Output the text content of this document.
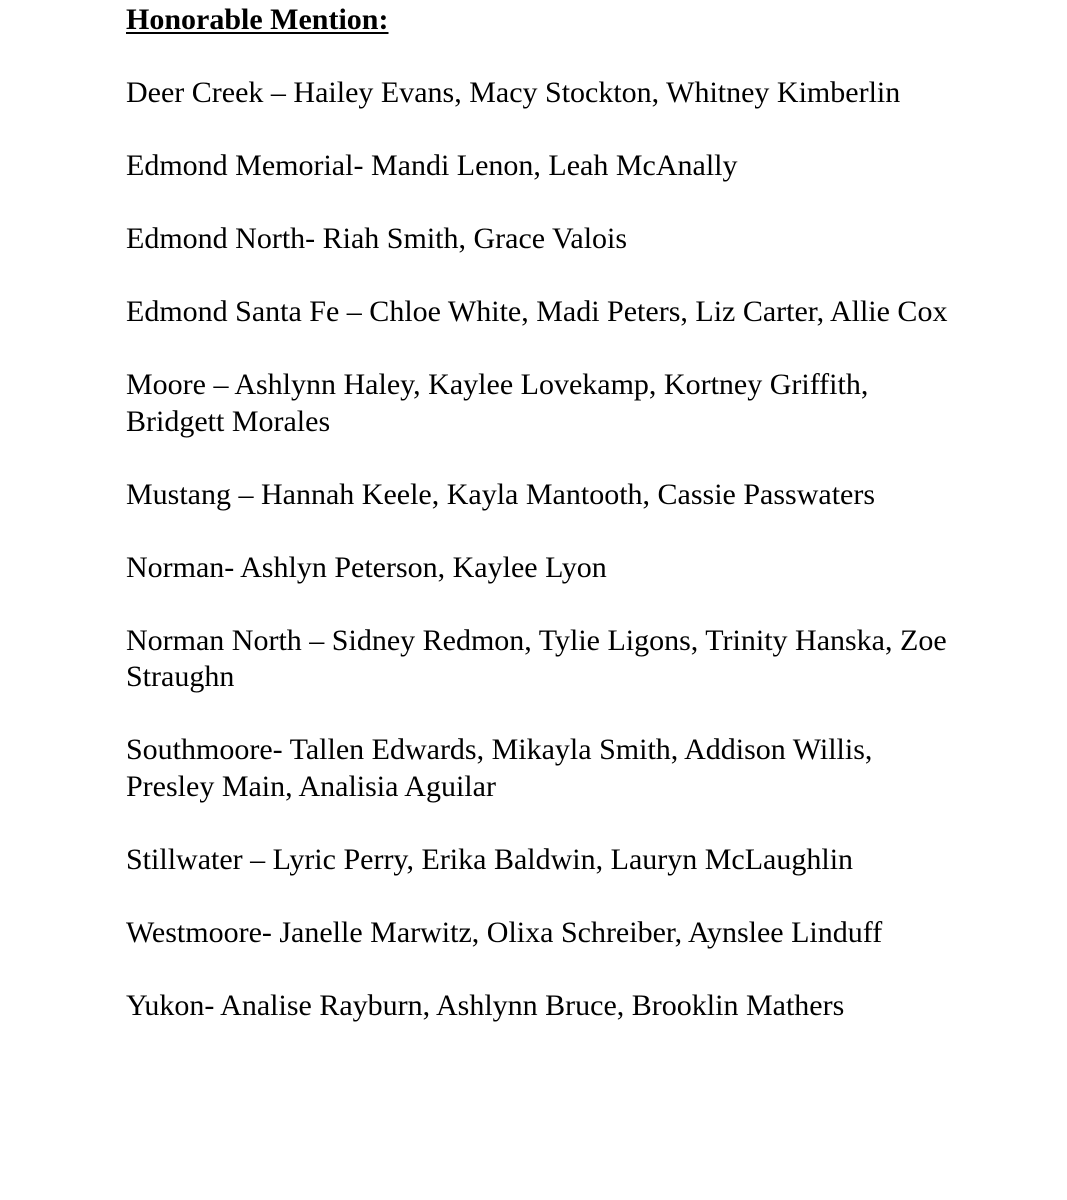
Honorable Mention:
Deer Creek – Hailey Evans, Macy Stockton, Whitney Kimberlin
Edmond Memorial- Mandi Lenon, Leah McAnally
Edmond North- Riah Smith, Grace Valois
Edmond Santa Fe – Chloe White, Madi Peters, Liz Carter, Allie Cox
Moore – Ashlynn Haley, Kaylee Lovekamp, Kortney Griffith, Bridgett Morales
Mustang – Hannah Keele, Kayla Mantooth, Cassie Passwaters
Norman- Ashlyn Peterson, Kaylee Lyon
Norman North – Sidney Redmon, Tylie Ligons, Trinity Hanska, Zoe Straughn
Southmoore- Tallen Edwards, Mikayla Smith, Addison Willis, Presley Main, Analisia Aguilar
Stillwater – Lyric Perry, Erika Baldwin, Lauryn McLaughlin
Westmoore- Janelle Marwitz, Olixa Schreiber, Aynslee Linduff
Yukon- Analise Rayburn, Ashlynn Bruce, Brooklin Mathers
